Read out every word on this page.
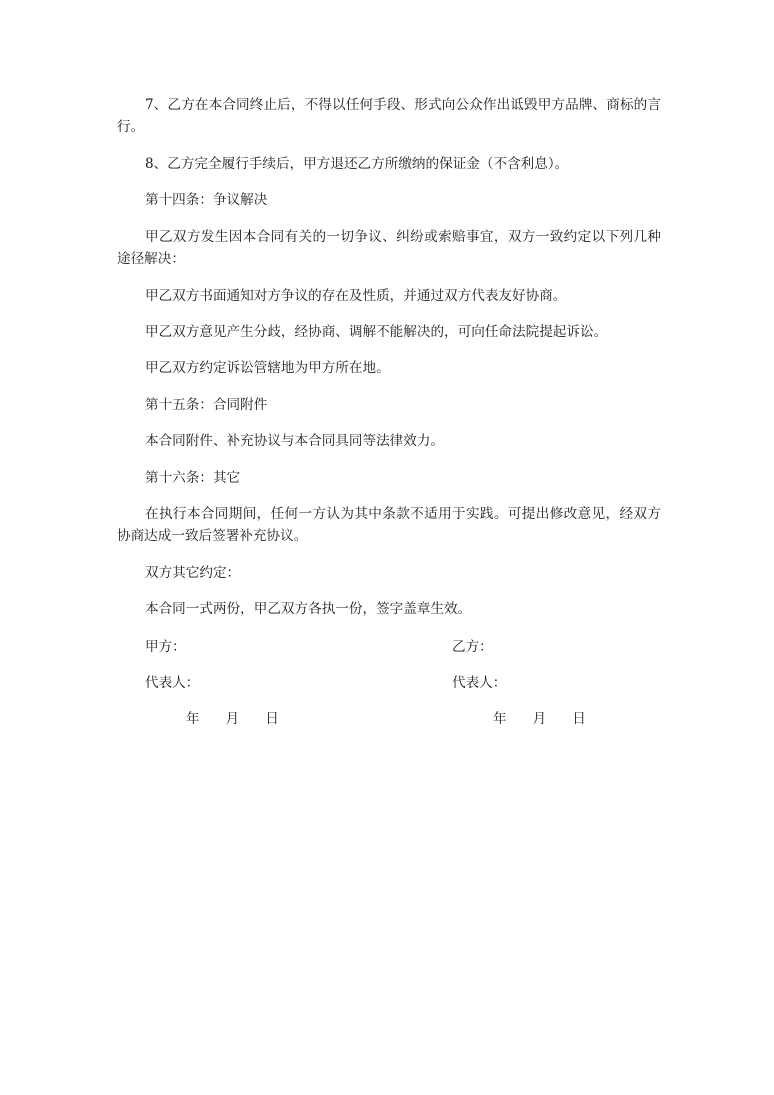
7、乙方在本合同终止后，不得以任何手段、形式向公众作出诋毁甲方品牌、商标的言行。

8、乙方完全履行手续后，甲方退还乙方所缴纳的保证金（不含利息）。

第十四条：争议解决

甲乙双方发生因本合同有关的一切争议、纠纷或索赔事宜，双方一致约定以下列几种途径解决：

甲乙双方书面通知对方争议的存在及性质，并通过双方代表友好协商。

甲乙双方意见产生分歧，经协商、调解不能解决的，可向任命法院提起诉讼。

甲乙双方约定诉讼管辖地为甲方所在地。

第十五条：合同附件

本合同附件、补充协议与本合同具同等法律效力。

第十六条：其它

在执行本合同期间，任何一方认为其中条款不适用于实践。可提出修改意见，经双方协商达成一致后签署补充协议。

双方其它约定：

本合同一式两份，甲乙双方各执一份，签字盖章生效。

甲方：	乙方：

代表人：	代表人：

年 月 日	年 月 日
